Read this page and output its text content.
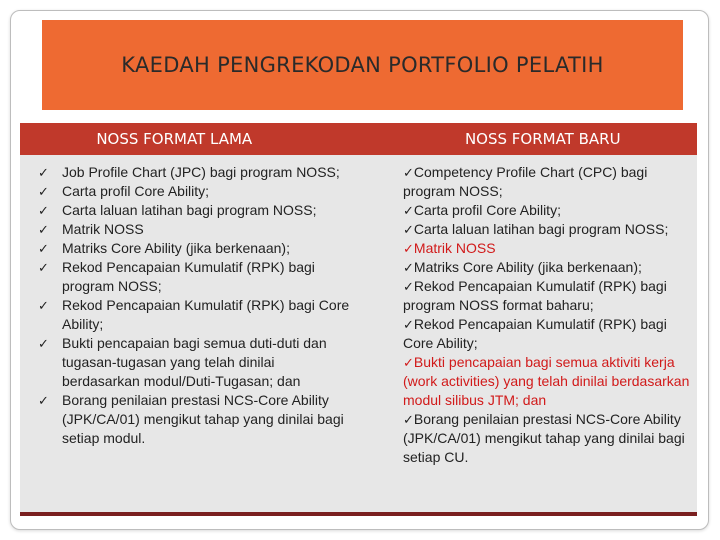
KAEDAH PENGREKODAN PORTFOLIO PELATIH
NOSS FORMAT LAMA	NOSS FORMAT BARU
✓ Job Profile Chart (JPC) bagi program NOSS;
✓ Carta profil Core Ability;
✓ Carta laluan latihan bagi program NOSS;
✓ Matrik NOSS
✓ Matriks Core Ability (jika berkenaan);
✓ Rekod Pencapaian Kumulatif (RPK) bagi program NOSS;
✓ Rekod Pencapaian Kumulatif (RPK) bagi Core Ability;
✓ Bukti pencapaian bagi semua duti-duti dan tugasan-tugasan yang telah dinilai berdasarkan modul/Duti-Tugasan; dan
✓ Borang penilaian prestasi NCS-Core Ability (JPK/CA/01) mengikut tahap yang dinilai bagi setiap modul.
✓Competency Profile Chart (CPC) bagi program NOSS;
✓Carta profil Core Ability;
✓Carta laluan latihan bagi program NOSS;
✓Matrik NOSS
✓Matriks Core Ability (jika berkenaan);
✓Rekod Pencapaian Kumulatif (RPK) bagi program NOSS format baharu;
✓Rekod Pencapaian Kumulatif (RPK) bagi Core Ability;
✓Bukti pencapaian bagi semua aktiviti kerja (work activities) yang telah dinilai berdasarkan modul silibus JTM; dan
✓Borang penilaian prestasi NCS-Core Ability (JPK/CA/01) mengikut tahap yang dinilai bagi setiap CU.
